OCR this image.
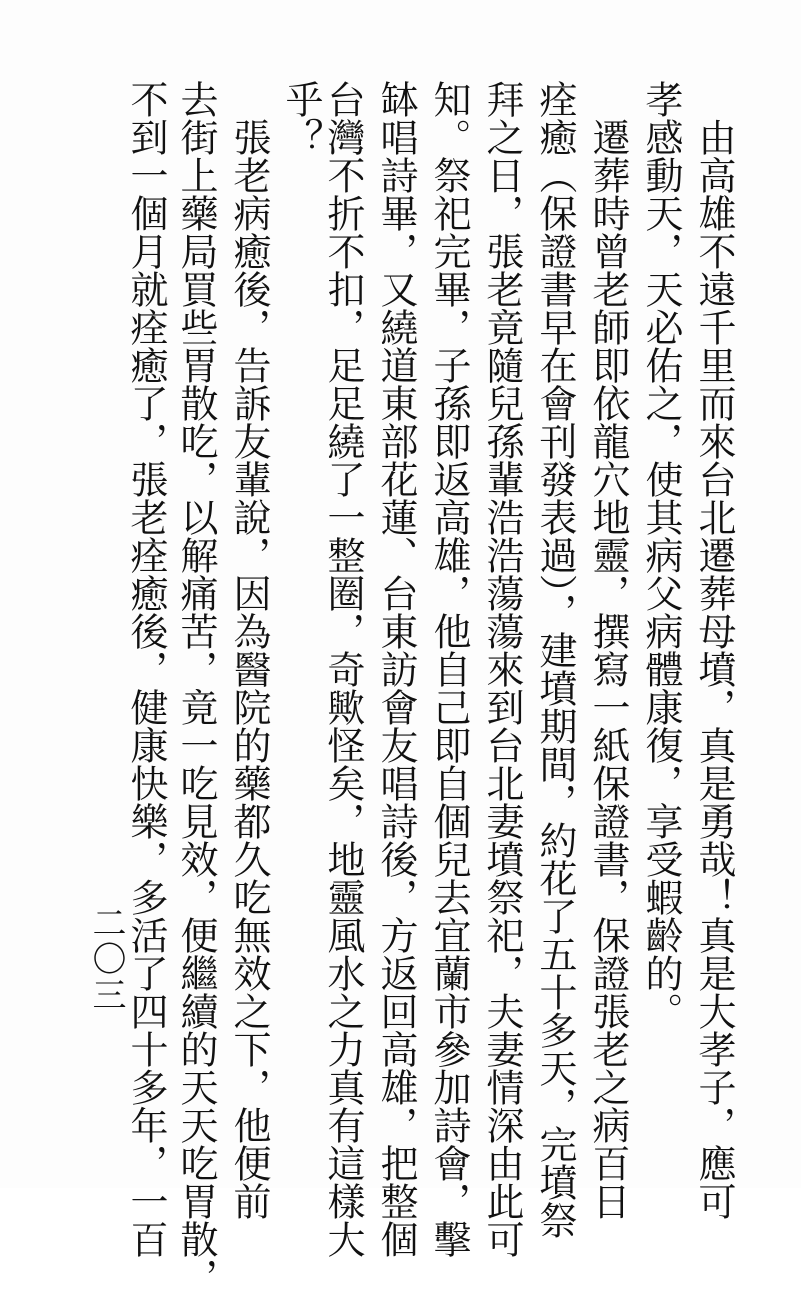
　由高雄不遠千里而來台北遷葬母墳，真是勇哉！真是大孝子，應可
孝感動天，天必佑之，使其病父病體康復，享受蝦齡的。
　遷葬時曾老師即依龍穴地靈，撰寫一紙保證書，保證張老之病百日
痊癒（保證書早在會刊發表過），建墳期間，約花了五十多天，完墳祭
拜之日，張老竟隨兒孫輩浩浩蕩蕩來到台北妻墳祭祀，夫妻情深由此可
知。祭祀完畢，子孫即返高雄，他自己即自個兒去宜蘭市參加詩會，擊
缽唱詩畢，又繞道東部花蓮、台東訪會友唱詩後，方返回高雄，把整個
台灣不折不扣，足足繞了一整圈，奇歟怪矣，地靈風水之力真有這樣大
乎？
　張老病癒後，告訴友輩說，因為醫院的藥都久吃無效之下，他便前
去街上藥局買些胃散吃，以解痛苦，竟一吃見效，便繼續的天天吃胃散，
不到一個月就痊癒了，張老痊癒後，健康快樂，多活了四十多年，一百
二〇三
